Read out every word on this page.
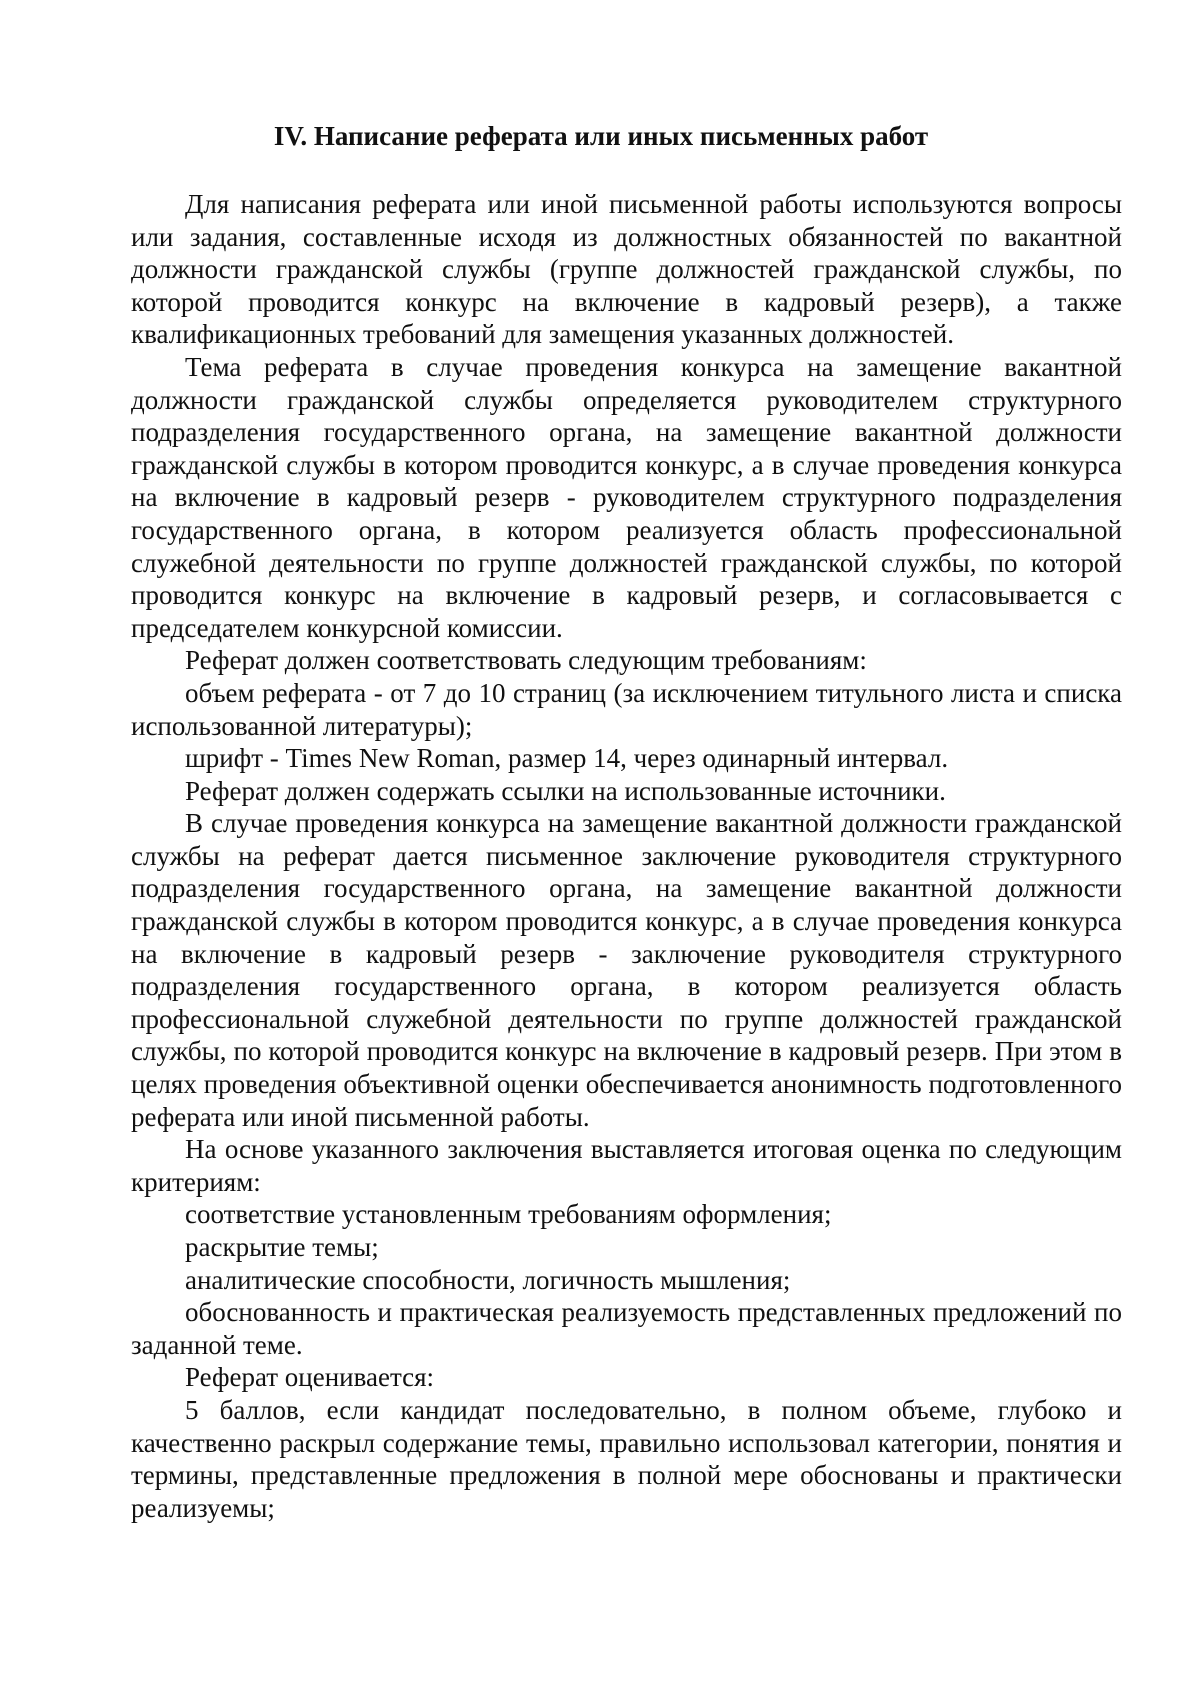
IV. Написание реферата или иных письменных работ

Для написания реферата или иной письменной работы используются вопросы или задания, составленные исходя из должностных обязанностей по вакантной должности гражданской службы (группе должностей гражданской службы, по которой проводится конкурс на включение в кадровый резерв), а также квалификационных требований для замещения указанных должностей.

Тема реферата в случае проведения конкурса на замещение вакантной должности гражданской службы определяется руководителем структурного подразделения государственного органа, на замещение вакантной должности гражданской службы в котором проводится конкурс, а в случае проведения конкурса на включение в кадровый резерв - руководителем структурного подразделения государственного органа, в котором реализуется область профессиональной служебной деятельности по группе должностей гражданской службы, по которой проводится конкурс на включение в кадровый резерв, и согласовывается с председателем конкурсной комиссии.

Реферат должен соответствовать следующим требованиям:

объем реферата - от 7 до 10 страниц (за исключением титульного листа и списка использованной литературы);

шрифт - Times New Roman, размер 14, через одинарный интервал.

Реферат должен содержать ссылки на использованные источники.

В случае проведения конкурса на замещение вакантной должности гражданской службы на реферат дается письменное заключение руководителя структурного подразделения государственного органа, на замещение вакантной должности гражданской службы в котором проводится конкурс, а в случае проведения конкурса на включение в кадровый резерв - заключение руководителя структурного подразделения государственного органа, в котором реализуется область профессиональной служебной деятельности по группе должностей гражданской службы, по которой проводится конкурс на включение в кадровый резерв. При этом в целях проведения объективной оценки обеспечивается анонимность подготовленного реферата или иной письменной работы.

На основе указанного заключения выставляется итоговая оценка по следующим критериям:

соответствие установленным требованиям оформления;

раскрытие темы;

аналитические способности, логичность мышления;

обоснованность и практическая реализуемость представленных предложений по заданной теме.

Реферат оценивается:

5 баллов, если кандидат последовательно, в полном объеме, глубоко и качественно раскрыл содержание темы, правильно использовал категории, понятия и термины, представленные предложения в полной мере обоснованы и практически реализуемы;
